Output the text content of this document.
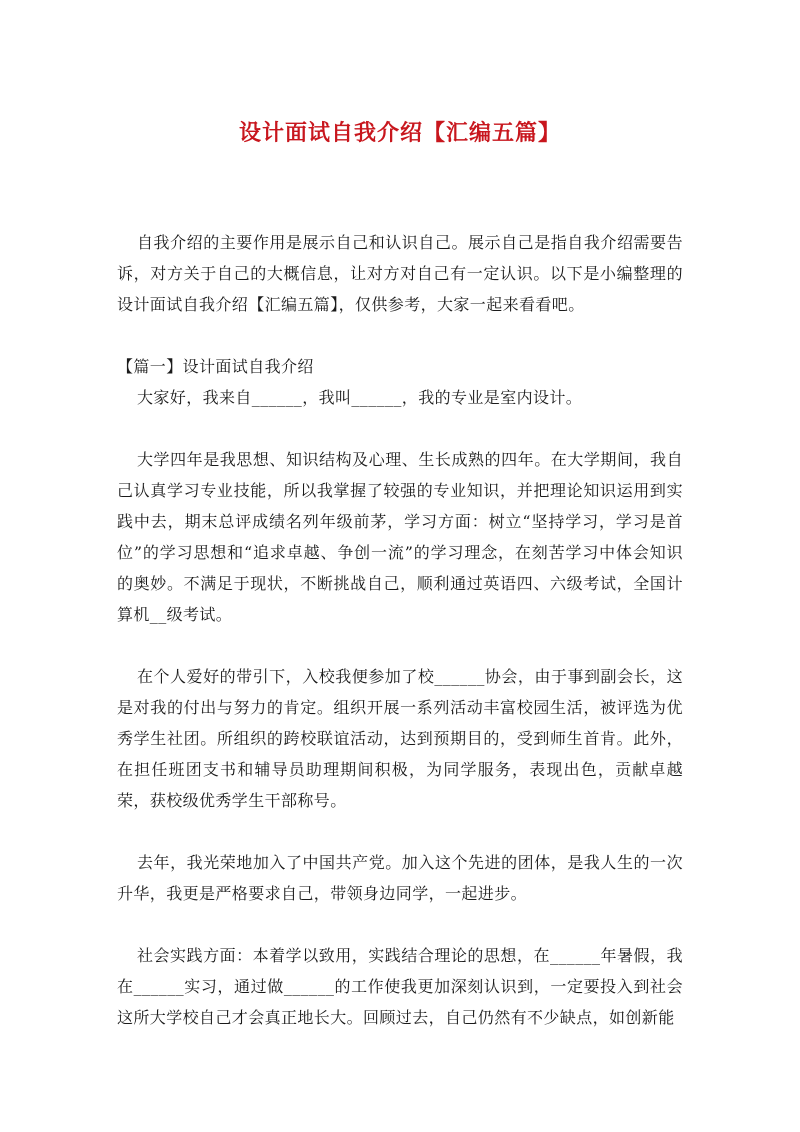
设计面试自我介绍【汇编五篇】

自我介绍的主要作用是展示自己和认识自己。展示自己是指自我介绍需要告诉，对方关于自己的大概信息，让对方对自己有一定认识。以下是小编整理的设计面试自我介绍【汇编五篇】，仅供参考，大家一起来看看吧。

【篇一】设计面试自我介绍

大家好，我来自______，我叫______，我的专业是室内设计。

大学四年是我思想、知识结构及心理、生长成熟的四年。在大学期间，我自己认真学习专业技能，所以我掌握了较强的专业知识，并把理论知识运用到实践中去，期末总评成绩名列年级前茅，学习方面：树立“坚持学习，学习是首位”的学习思想和“追求卓越、争创一流”的学习理念，在刻苦学习中体会知识的奥妙。不满足于现状，不断挑战自己，顺利通过英语四、六级考试，全国计算机__级考试。

在个人爱好的带引下，入校我便参加了校______协会，由于事到副会长，这是对我的付出与努力的肯定。组织开展一系列活动丰富校园生活，被评选为优秀学生社团。所组织的跨校联谊活动，达到预期目的，受到师生首肯。此外，在担任班团支书和辅导员助理期间积极，为同学服务，表现出色，贡献卓越荣，获校级优秀学生干部称号。

去年，我光荣地加入了中国共产党。加入这个先进的团体，是我人生的一次升华，我更是严格要求自己，带领身边同学，一起进步。

社会实践方面：本着学以致用，实践结合理论的思想，在______年暑假，我在______实习，通过做______的工作使我更加深刻认识到，一定要投入到社会这所大学校自己才会真正地长大。回顾过去，自己仍然有不少缺点，如创新能
